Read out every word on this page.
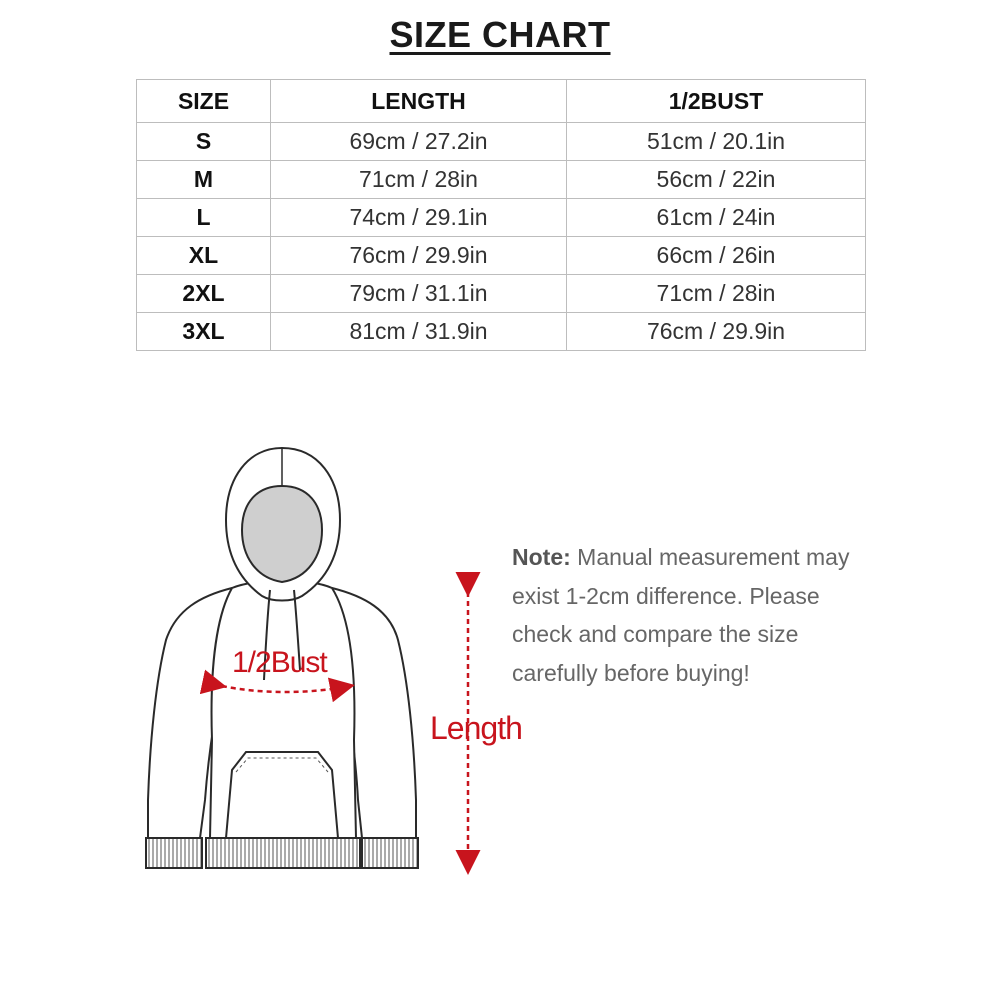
SIZE CHART
SIZE	LENGTH	1/2BUST
S	69cm / 27.2in	51cm / 20.1in
M	71cm / 28in	56cm / 22in
L	74cm / 29.1in	61cm / 24in
XL	76cm / 29.9in	66cm / 26in
2XL	79cm / 31.1in	71cm / 28in
3XL	81cm / 31.9in	76cm / 29.9in
1/2Bust
Length
Note: Manual measurement may exist 1-2cm difference. Please check and compare the size carefully before buying!
